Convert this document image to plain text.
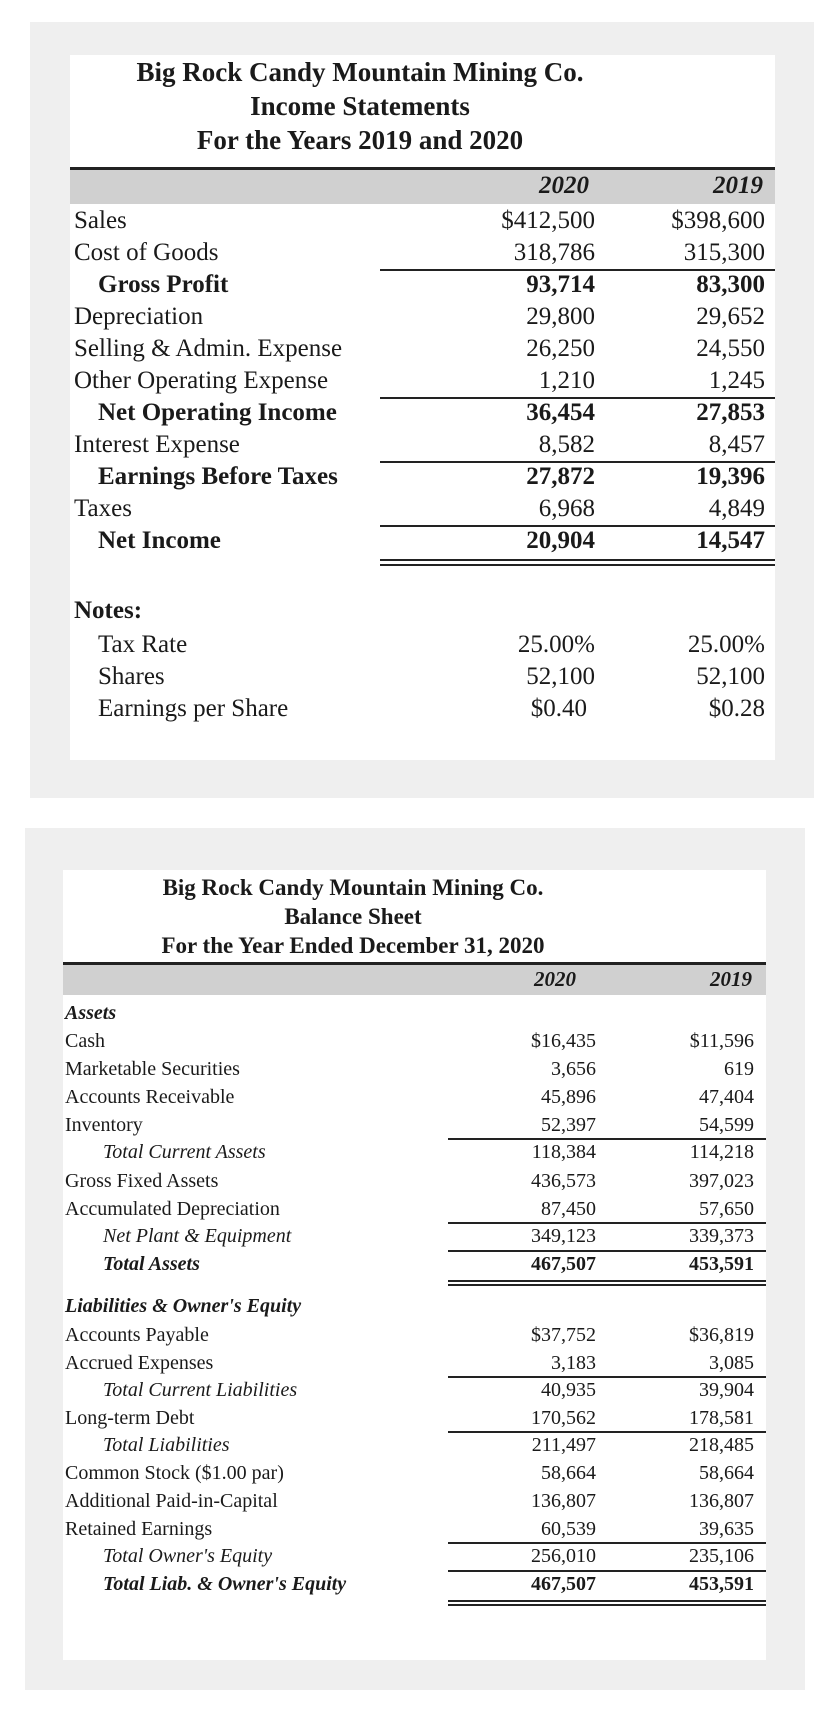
Big Rock Candy Mountain Mining Co.
Income Statements
For the Years 2019 and 2020
2020	2019
Sales	$412,500	$398,600
Cost of Goods	318,786	315,300
Gross Profit	93,714	83,300
Depreciation	29,800	29,652
Selling & Admin. Expense	26,250	24,550
Other Operating Expense	1,210	1,245
Net Operating Income	36,454	27,853
Interest Expense	8,582	8,457
Earnings Before Taxes	27,872	19,396
Taxes	6,968	4,849
Net Income	20,904	14,547
Notes:
Tax Rate	25.00%	25.00%
Shares	52,100	52,100
Earnings per Share	$0.40	$0.28
Big Rock Candy Mountain Mining Co.
Balance Sheet
For the Year Ended December 31, 2020
2020	2019
Assets
Cash	$16,435	$11,596
Marketable Securities	3,656	619
Accounts Receivable	45,896	47,404
Inventory	52,397	54,599
Total Current Assets	118,384	114,218
Gross Fixed Assets	436,573	397,023
Accumulated Depreciation	87,450	57,650
Net Plant & Equipment	349,123	339,373
Total Assets	467,507	453,591
Liabilities & Owner's Equity
Accounts Payable	$37,752	$36,819
Accrued Expenses	3,183	3,085
Total Current Liabilities	40,935	39,904
Long-term Debt	170,562	178,581
Total Liabilities	211,497	218,485
Common Stock ($1.00 par)	58,664	58,664
Additional Paid-in-Capital	136,807	136,807
Retained Earnings	60,539	39,635
Total Owner's Equity	256,010	235,106
Total Liab. & Owner's Equity	467,507	453,591
